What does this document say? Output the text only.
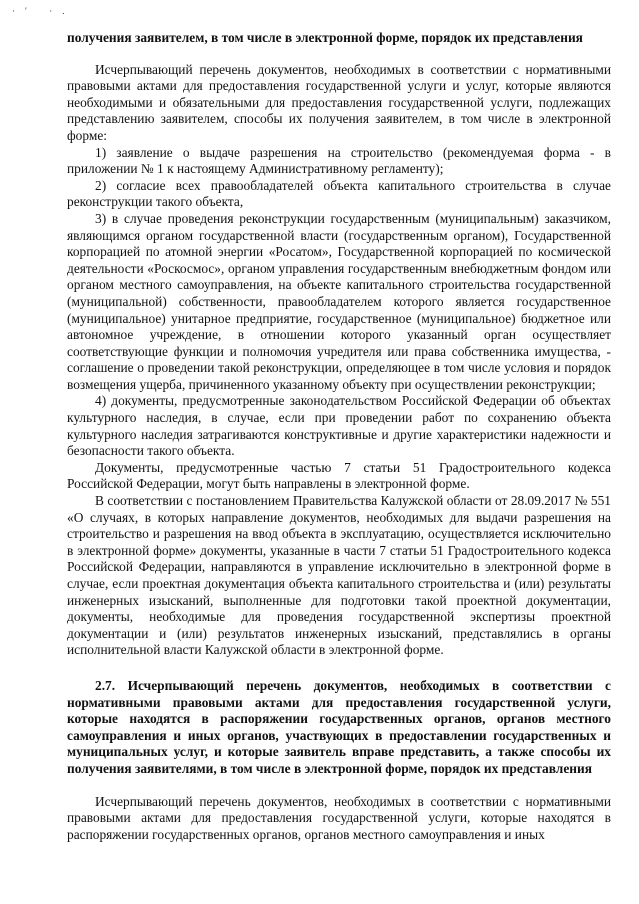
·′ ·.

получения заявителем, в том числе в электронной форме, порядок их представления

Исчерпывающий перечень документов, необходимых в соответствии с нормативными правовыми актами для предоставления государственной услуги и услуг, которые являются необходимыми и обязательными для предоставления государственной услуги, подлежащих представлению заявителем, способы их получения заявителем, в том числе в электронной форме:

1) заявление о выдаче разрешения на строительство (рекомендуемая форма - в приложении № 1 к настоящему Административному регламенту);

2) согласие всех правообладателей объекта капитального строительства в случае реконструкции такого объекта,

3) в случае проведения реконструкции государственным (муниципальным) заказчиком, являющимся органом государственной власти (государственным органом), Государственной корпорацией по атомной энергии «Росатом», Государственной корпорацией по космической деятельности «Роскосмос», органом управления государственным внебюджетным фондом или органом местного самоуправления, на объекте капитального строительства государственной (муниципальной) собственности, правообладателем которого является государственное (муниципальное) унитарное предприятие, государственное (муниципальное) бюджетное или автономное учреждение, в отношении которого указанный орган осуществляет соответствующие функции и полномочия учредителя или права собственника имущества, - соглашение о проведении такой реконструкции, определяющее в том числе условия и порядок возмещения ущерба, причиненного указанному объекту при осуществлении реконструкции;

4) документы, предусмотренные законодательством Российской Федерации об объектах культурного наследия, в случае, если при проведении работ по сохранению объекта культурного наследия затрагиваются конструктивные и другие характеристики надежности и безопасности такого объекта.

Документы, предусмотренные частью 7 статьи 51 Градостроительного кодекса Российской Федерации, могут быть направлены в электронной форме.

В соответствии с постановлением Правительства Калужской области от 28.09.2017 № 551 «О случаях, в которых направление документов, необходимых для выдачи разрешения на строительство и разрешения на ввод объекта в эксплуатацию, осуществляется исключительно в электронной форме» документы, указанные в части 7 статьи 51 Градостроительного кодекса Российской Федерации, направляются в управление исключительно в электронной форме в случае, если проектная документация объекта капитального строительства и (или) результаты инженерных изысканий, выполненные для подготовки такой проектной документации, документы, необходимые для проведения государственной экспертизы проектной документации и (или) результатов инженерных изысканий, представлялись в органы исполнительной власти Калужской области в электронной форме.

2.7. Исчерпывающий перечень документов, необходимых в соответствии с нормативными правовыми актами для предоставления государственной услуги, которые находятся в распоряжении государственных органов, органов местного самоуправления и иных органов, участвующих в предоставлении государственных и муниципальных услуг, и которые заявитель вправе представить, а также способы их получения заявителями, в том числе в электронной форме, порядок их представления

Исчерпывающий перечень документов, необходимых в соответствии с нормативными правовыми актами для предоставления государственной услуги, которые находятся в распоряжении государственных органов, органов местного самоуправления и иных
